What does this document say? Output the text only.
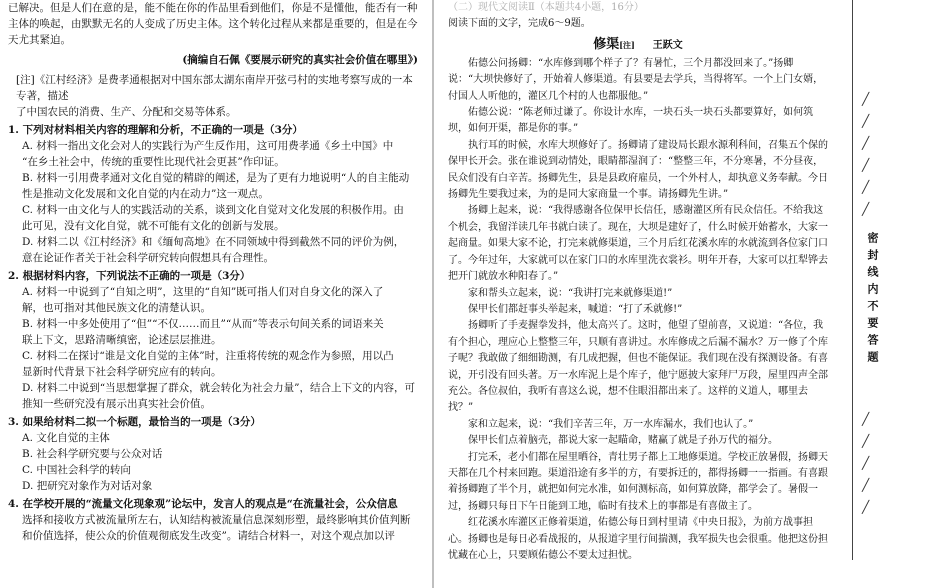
已解决。但是人们在意的是，能不能在你的作品里看到他们，你是不是懂他，能否有一种

主体的唤起，由默默无名的人变成了历史主体。这个转化过程从来都是重要的，但是在今

天尤其紧迫。

(摘编自石佩《要展示研究的真实社会价值在哪里》)

[注]《江村经济》是费孝通根据对中国东部太湖东南岸开弦弓村的实地考察写成的一本专著，描述
了中国农民的消费、生产、分配和交易等体系。

1. 下列对材料相关内容的理解和分析，不正确的一项是（3分）

A. 材料一指出文化会对人的实践行为产生反作用，这可用费孝通《乡土中国》中
“在乡土社会中，传统的重要性比现代社会更甚”作印证。
B. 材料一引用费孝通对文化自觉的精辟的阐述，是为了更有力地说明“人的自主能动
性是推动文化发展和文化自觉的内在动力”这一观点。
C. 材料一由文化与人的实践活动的关系，谈到文化自觉对文化发展的积极作用。由
此可见，没有文化自觉，就不可能有文化的创新与发展。
D. 材料二以《江村经济》和《缅甸高地》在不同领域中得到截然不同的评价为例，
意在论证作者关于社会科学研究转向假想具有合理性。

2. 根据材料内容，下列说法不正确的一项是（3分）

A. 材料一中说到了“自知之明”，这里的“自知”既可指人们对自身文化的深入了
解，也可指对其他民族文化的清楚认识。
B. 材料一中多处使用了“但”“不仅……而且”“从而”等表示句间关系的词语来关
联上下文，思路清晰缜密，论述层层推进。
C. 材料二在探讨“谁是文化自觉的主体”时，注重将传统的观念作为参照，用以凸
显新时代背景下社会科学研究应有的转向。
D. 材料二中说到“当思想掌握了群众，就会转化为社会力量”，结合上下文的内容，可
推知一些研究没有展示出真实社会价值。

3. 如果给材料二拟一个标题，最恰当的一项是（3分）

A. 文化自觉的主体
B. 社会科学研究要与公众对话
C. 中国社会科学的转向
D. 把研究对象作为对话对象

4. 在学校开展的“流量文化现象观”论坛中，发言人的观点是“在流量社会，公众信息

选择和接收方式被流量所左右，认知结构被流量信息深刻形塑，最终影响其价值判断
和价值选择，使公众的价值观彻底发生改变”。请结合材料一，对这个观点加以评

（二）现代文阅读Ⅱ（本题共4小题，16分）

阅读下面的文字，完成6～9题。

修渠[注] 王跃文

佑德公问扬卿：“水库修到哪个样子了？有暑忙，三个月都没回来了。”扬卿说：“大坝快修好了，开始着人修渠道。有县要是去学兵，当得将军。一个上门女婿，付国人人听他的，灌区几个村的人也都服他。”

佑德公说：“陈老师过谦了。你设计水库，一块石头一块石头都要算好，如何筑坝，如何开渠，都是你的事。”

执行耳的时候，水库大坝修好了。扬卿请了建设局长跟水源利科间，召集五个保的保甲长开会。张在谁说到动情处，眼睛都湿润了：“整整三年，不分寒暑，不分昼夜，民众们没有白辛苦。扬卿先生，县是县政府雇员，一个外村人，却执意义务奉献。今日扬卿先生要我过来，为的是同大家商量一个事。请扬卿先生讲。”

扬卿上起来，说：“我得感谢各位保甲长信任，感谢灌区所有民众信任。不给我这个机会，我留洋读几年书就白读了。现在，大坝是建好了，什么时候开始蓄水，大家一起商量。如果大家不论，打完来就修渠道，三个月后红花溪水库的水就流到各位家门口了。今年过年，大家就可以在家门口的水库里洗衣裳衫。明年开春，大家可以扛犁铧去把开门就放水种阳春了。”

家和帮头立起来，说：“我讲打完来就修渠道!”

保甲长们都赶事头举起来，喊道：“打了禾就修!”

扬卿听了手麦握拳发抖，他太高兴了。这时，他望了望前喜，又说道：“各位，我有个担心，理应心上整整三年，只顺有喜讲过。水库修成之后漏不漏水？万一修了个库子呢？我敢做了细细勘测，有几成把握，但也不能保证。我们现在没有探测设备。有喜说，开引没有回头著。万一水库泥上是个库子，他宁愿披大家拜尸万段，屋里四声全部充公。各位叔伯，我听有喜这么说，想不住眼泪都出来了。这样的义道人，哪里去找？”

家和立起来，说：“我们辛苦三年，万一水库漏水，我们也认了。”

保甲长们点着脑壳，都说大家一起瞄命，赌赢了就是子孙万代的福分。

打完禾，老小们都在屋里晒谷，青壮男子都上工地修渠道。学校正放暑假，扬卿天天都在几个村来回跑。渠道沿途有多半的方，有要拆迁的，都得扬卿一一指画。有喜跟着扬卿跑了半个月，就把如何完水准，如何测标高，如何算放降，都学会了。暑假一过，扬卿只每日下午日能到工地，临时有技术上的事都是有喜做主了。

红花溪水库灌区正修着渠道，佑德公每日到村里请《中央日报》，为前方战事担心。扬卿也是每日必看战报的，从报道字里行间揣测，我军损失也会很重。他把这份担忧藏在心上，只要顾佑德公不要太过担忧。

╱
╱
╱
╱
╱
╱
密封线内不要答题
╱
╱
╱
╱
╱
